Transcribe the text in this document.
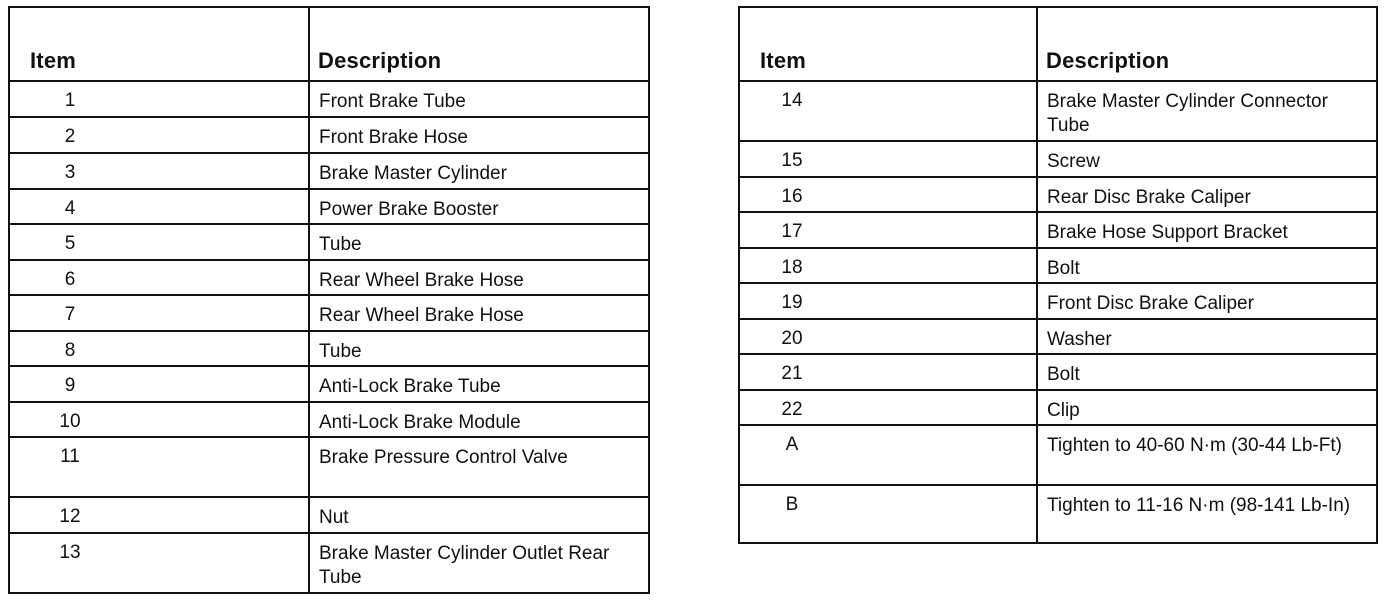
Item	Description
1	Front Brake Tube
2	Front Brake Hose
3	Brake Master Cylinder
4	Power Brake Booster
5	Tube
6	Rear Wheel Brake Hose
7	Rear Wheel Brake Hose
8	Tube
9	Anti-Lock Brake Tube
10	Anti-Lock Brake Module
11	Brake Pressure Control Valve
12	Nut
13	Brake Master Cylinder Outlet Rear Tube
Item	Description
14	Brake Master Cylinder Connector Tube
15	Screw
16	Rear Disc Brake Caliper
17	Brake Hose Support Bracket
18	Bolt
19	Front Disc Brake Caliper
20	Washer
21	Bolt
22	Clip
A	Tighten to 40-60 N·m (30-44 Lb-Ft)
B	Tighten to 11-16 N·m (98-141 Lb-In)
